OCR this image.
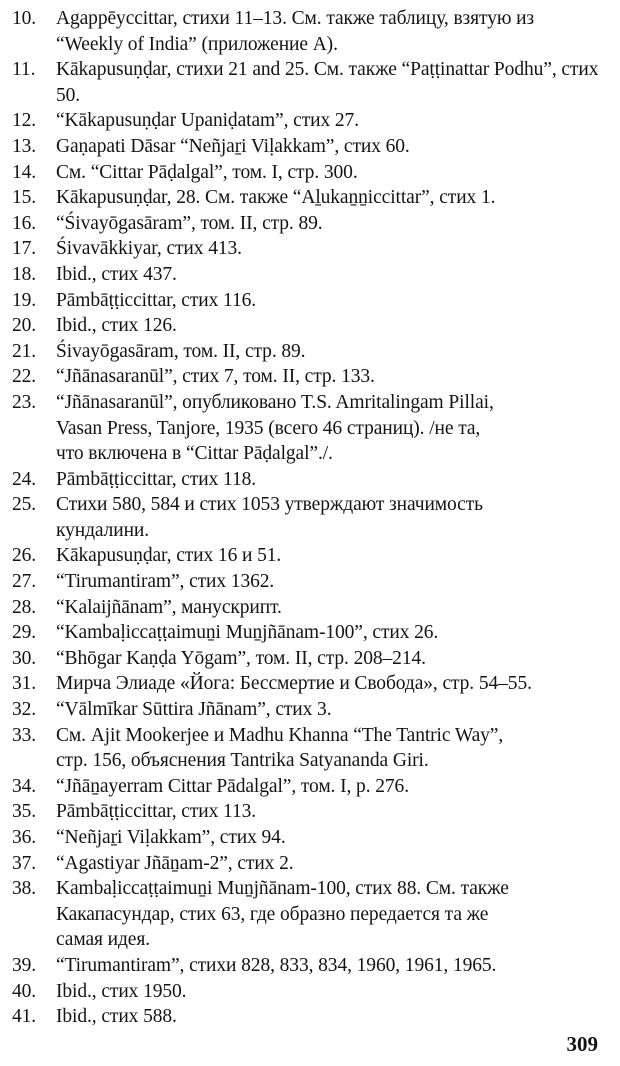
10.	Agappēyccittar, стихи 11–13. См. также таблицу, взятую из “Weekly of India” (приложение A).
11.	Kākapusuṇḍar, стихи 21 and 25. См. также “Paṭṭinattar Podhu”, стих 50.
12.	“Kākapusuṇḍar Upaniḍatam”, стих 27.
13.	Gaṇapati Dāsar “Neñjaṟi Viḷakkam”, стих 60.
14.	См. “Cittar Pāḍalgal”, том. I, стр. 300.
15.	Kākapusuṇḍar, 28. См. также “Aḻukaṉṉiccittar”, стих 1.
16.	“Śivayōgasāram”, том. II, стр. 89.
17.	Śivavākkiyar, стих 413.
18.	Ibid., стих 437.
19.	Pāmbāṭṭiccittar, стих 116.
20.	Ibid., стих 126.
21.	Śivayōgasāram, том. II, стр. 89.
22.	“Jñānasaranūl”, стих 7, том. II, стр. 133.
23.	“Jñānasaranūl”, опубликовано T.S. Amritalingam Pillai,
Vasan Press, Tanjore, 1935 (всего 46 страниц). /не та,
что включена в “Cittar Pāḍalgal”./.
24.	Pāmbāṭṭiccittar, стих 118.
25.	Стихи 580, 584 и стих 1053 утверждают значимость
кундалини.
26.	Kākapusuṇḍar, стих 16 и 51.
27.	“Tirumantiram”, стих 1362.
28.	“Kalaijñānam”, манускрипт.
29.	“Kambaḷiccaṭṭaimuṉi Muṉjñānam-100”, стих 26.
30.	“Bhōgar Kaṇḍa Yōgam”, том. II, стр. 208–214.
31.	Мирча Элиаде «Йога: Бессмертие и Свобода», стр. 54–55.
32.	“Vālmīkar Sūttira Jñānam”, стих 3.
33.	См. Ajit Mookerjee и Madhu Khanna “The Tantric Way”,
стр. 156, объяснения Tantrika Satyananda Giri.
34.	“Jñāṉayerram Cittar Pādalgal”, том. I, p. 276.
35.	Pāmbāṭṭiccittar, стих 113.
36.	“Neñjaṟi Viḷakkam”, стих 94.
37.	“Agastiyar Jñāṉam-2”, стих 2.
38.	Kambaḷiccaṭṭaimuṉi Muṉjñānam-100, стих 88. См. также
Какапасундар, стих 63, где образно передается та же
самая идея.
39.	“Tirumantiram”, стихи 828, 833, 834, 1960, 1961, 1965.
40.	Ibid., стих 1950.
41.	Ibid., стих 588.
309
